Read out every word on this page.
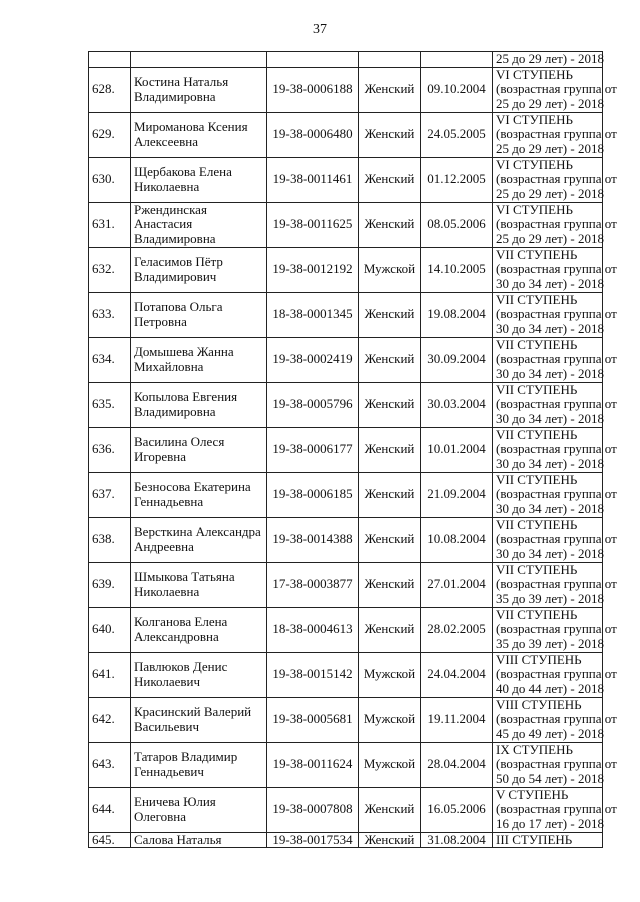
37

					25 до 29 лет) - 2018

628.	Костина Наталья Владимировна	19-38-0006188	Женский	09.10.2004	VI СТУПЕНЬ
(возрастная группа от
25 до 29 лет) - 2018

629.	Мироманова Ксения Алексеевна	19-38-0006480	Женский	24.05.2005	VI СТУПЕНЬ
(возрастная группа от
25 до 29 лет) - 2018

630.	Щербакова Елена Николаевна	19-38-0011461	Женский	01.12.2005	VI СТУПЕНЬ
(возрастная группа от
25 до 29 лет) - 2018

631.	Ржендинская Анастасия Владимировна	19-38-0011625	Женский	08.05.2006	VI СТУПЕНЬ
(возрастная группа от
25 до 29 лет) - 2018

632.	Геласимов Пётр Владимирович	19-38-0012192	Мужской	14.10.2005	VII СТУПЕНЬ
(возрастная группа от
30 до 34 лет) - 2018

633.	Потапова Ольга Петровна	18-38-0001345	Женский	19.08.2004	VII СТУПЕНЬ
(возрастная группа от
30 до 34 лет) - 2018

634.	Домышева Жанна Михайловна	19-38-0002419	Женский	30.09.2004	VII СТУПЕНЬ
(возрастная группа от
30 до 34 лет) - 2018

635.	Копылова Евгения Владимировна	19-38-0005796	Женский	30.03.2004	VII СТУПЕНЬ
(возрастная группа от
30 до 34 лет) - 2018

636.	Василина Олеся Игоревна	19-38-0006177	Женский	10.01.2004	VII СТУПЕНЬ
(возрастная группа от
30 до 34 лет) - 2018

637.	Безносова Екатерина Геннадьевна	19-38-0006185	Женский	21.09.2004	VII СТУПЕНЬ
(возрастная группа от
30 до 34 лет) - 2018

638.	Версткина Александра Андреевна	19-38-0014388	Женский	10.08.2004	VII СТУПЕНЬ
(возрастная группа от
30 до 34 лет) - 2018

639.	Шмыкова Татьяна Николаевна	17-38-0003877	Женский	27.01.2004	VII СТУПЕНЬ
(возрастная группа от
35 до 39 лет) - 2018

640.	Колганова Елена Александровна	18-38-0004613	Женский	28.02.2005	VII СТУПЕНЬ
(возрастная группа от
35 до 39 лет) - 2018

641.	Павлюков Денис Николаевич	19-38-0015142	Мужской	24.04.2004	VIII СТУПЕНЬ
(возрастная группа от
40 до 44 лет) - 2018

642.	Красинский Валерий Васильевич	19-38-0005681	Мужской	19.11.2004	VIII СТУПЕНЬ
(возрастная группа от
45 до 49 лет) - 2018

643.	Татаров Владимир Геннадьевич	19-38-0011624	Мужской	28.04.2004	IX СТУПЕНЬ
(возрастная группа от
50 до 54 лет) - 2018

644.	Еничева Юлия Олеговна	19-38-0007808	Женский	16.05.2006	V СТУПЕНЬ
(возрастная группа от
16 до 17 лет) - 2018

645.	Салова Наталья	19-38-0017534	Женский	31.08.2004	III СТУПЕНЬ
